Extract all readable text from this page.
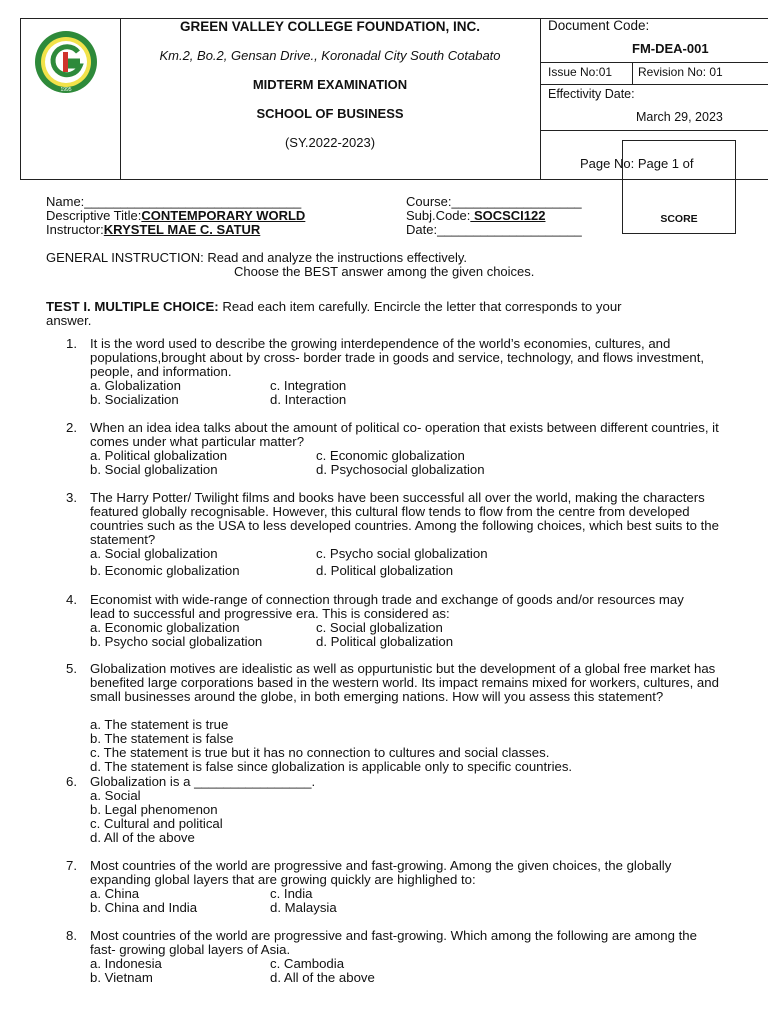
1995
GREEN VALLEY COLLEGE FOUNDATION, INC.
Km.2, Bo.2, Gensan Drive., Koronadal City South Cotabato
MIDTERM EXAMINATION
SCHOOL OF BUSINESS
(SY.2022-2023)
Document Code:
FM-DEA-001
Issue No:01 Revision No: 01
Effectivity Date:
March 29, 2023
Page No: Page 1 of
SCORE
Name:______________________________
Descriptive Title:CONTEMPORARY WORLD
Instructor:KRYSTEL MAE C. SATUR
Course:__________________
Subj.Code: SOCSCI122
Date:____________________
GENERAL INSTRUCTION: Read and analyze the instructions effectively.
Choose the BEST answer among the given choices.
TEST I. MULTIPLE CHOICE: Read each item carefully. Encircle the letter that corresponds to your
answer.
1. It is the word used to describe the growing interdependence of the world’s economies, cultures, and populations,brought about by cross- border trade in goods and service, technology, and flows investment, people, and information.
a. Globalization	c. Integration
b. Socialization	d. Interaction
2. When an idea idea talks about the amount of political co- operation that exists between different countries, it comes under what particular matter?
a. Political globalization	c. Economic globalization
b. Social globalization	d. Psychosocial globalization
3. The Harry Potter/ Twilight films and books have been successful all over the world, making the characters featured globally recognisable. However, this cultural flow tends to flow from the centre from developed countries such as the USA to less developed countries. Among the following choices, which best suits to the statement?
a. Social globalization	c. Psycho social globalization
b. Economic globalization	d. Political globalization
4. Economist with wide-range of connection through trade and exchange of goods and/or resources may lead to successful and progressive era. This is considered as:
a. Economic globalization	c. Social globalization
b. Psycho social globalization	d. Political globalization
5. Globalization motives are idealistic as well as oppurtunistic but the development of a global free market has benefited large corporations based in the western world. Its impact remains mixed for workers, cultures, and small businesses around the globe, in both emerging nations. How will you assess this statement?
a. The statement is true
b. The statement is false
c. The statement is true but it has no connection to cultures and social classes.
d. The statement is false since globalization is applicable only to specific countries.
6. Globalization is a ________________.
a. Social
b. Legal phenomenon
c. Cultural and political
d. All of the above
7. Most countries of the world are progressive and fast-growing. Among the given choices, the globally expanding global layers that are growing quickly are highlighed to:
a. China	c. India
b. China and India	d. Malaysia
8. Most countries of the world are progressive and fast-growing. Which among the following are among the fast- growing global layers of Asia.
a. Indonesia	c. Cambodia
b. Vietnam	d. All of the above
